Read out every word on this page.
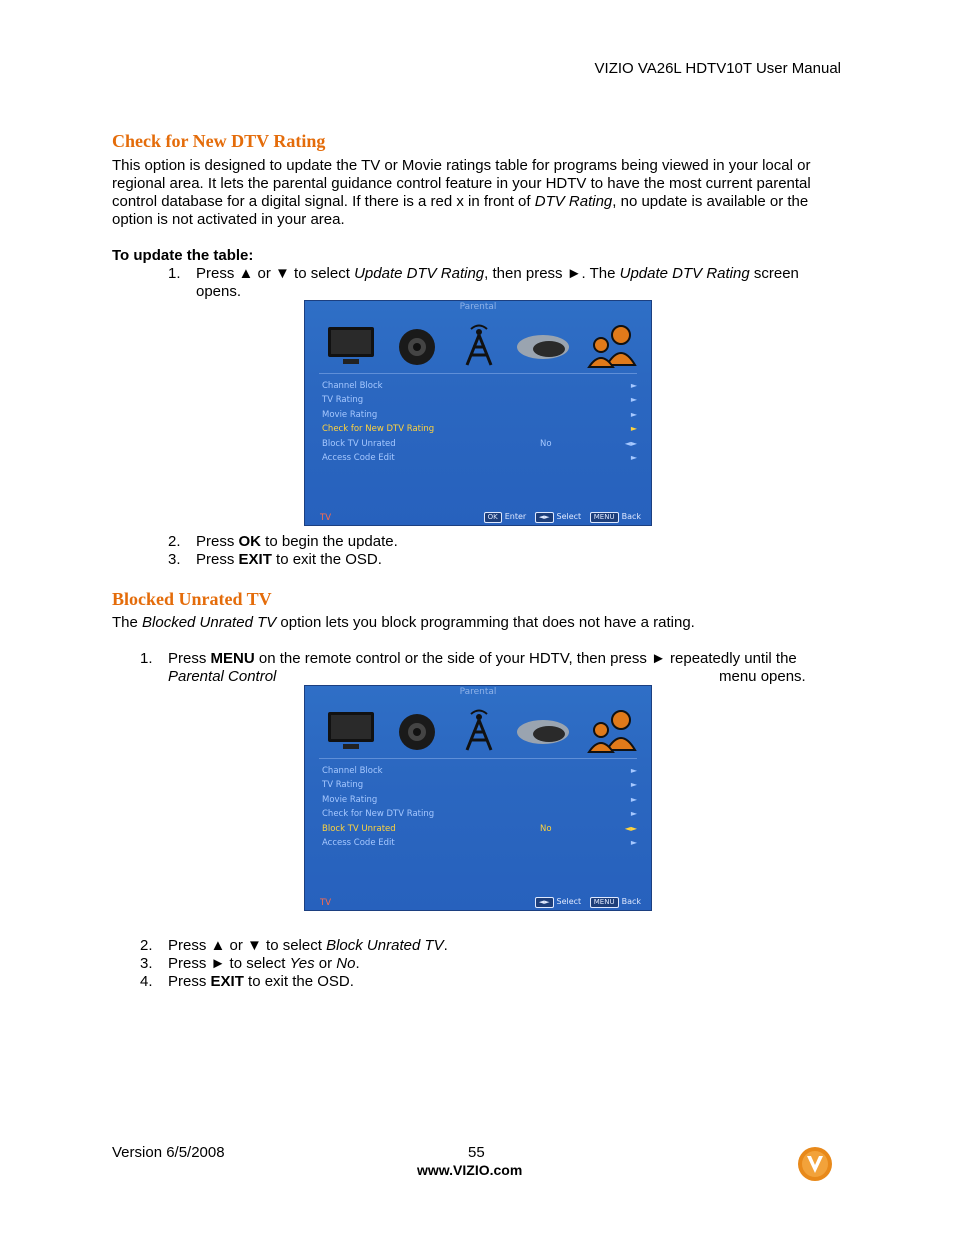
VIZIO VA26L HDTV10T User Manual
Check for New DTV Rating
This option is designed to update the TV or Movie ratings table for programs being viewed in your local or
regional area. It lets the parental guidance control feature in your HDTV to have the most current parental
control database for a digital signal. If there is a red x in front of DTV Rating, no update is available or the
option is not activated in your area.
To update the table:
1. Press ▲ or ▼ to select Update DTV Rating, then press ►. The Update DTV Rating screen
opens.
Parental
Channel Block	►
TV Rating	►
Movie Rating	►
Check for New DTV Rating	►
Block TV Unrated	No	◄►
Access Code Edit	►
TV	OK Enter ◄► Select MENU Back
2. Press OK to begin the update.
3. Press EXIT to exit the OSD.
Blocked Unrated TV
The Blocked Unrated TV option lets you block programming that does not have a rating.
1. Press MENU on the remote control or the side of your HDTV, then press ► repeatedly until the
Parental Control	menu opens.
Parental
Channel Block	►
TV Rating	►
Movie Rating	►
Check for New DTV Rating	►
Block TV Unrated	No	◄►
Access Code Edit	►
TV	◄► Select MENU Back
2. Press ▲ or ▼ to select Block Unrated TV.
3. Press ► to select Yes or No.
4. Press EXIT to exit the OSD.
Version 6/5/2008	55
www.VIZIO.com
